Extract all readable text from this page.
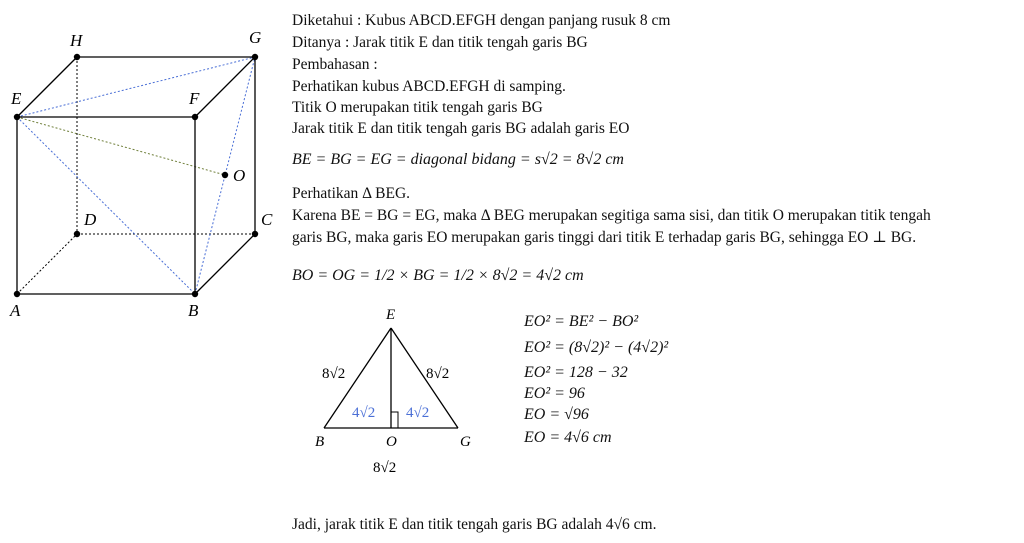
H	G
E	F
O
D	C
A	B
Diketahui : Kubus ABCD.EFGH dengan panjang rusuk 8 cm
Ditanya : Jarak titik E dan titik tengah garis BG
Pembahasan :
Perhatikan kubus ABCD.EFGH di samping.
Titik O merupakan titik tengah garis BG
Jarak titik E dan titik tengah garis BG adalah garis EO
BE = BG = EG = diagonal bidang = s√2 = 8√2 cm
Perhatikan Δ BEG.
Karena BE = BG = EG, maka Δ BEG merupakan segitiga sama sisi, dan titik O merupakan titik tengah
garis BG, maka garis EO merupakan garis tinggi dari titik E terhadap garis BG, sehingga EO ⊥ BG.
BO = OG = 1/2 × BG = 1/2 × 8√2 = 4√2 cm
E
B	O	G
8√2	8√2
4√2 4√2
8√2
EO² = BE² − BO²
EO² = (8√2)² − (4√2)²
EO² = 128 − 32
EO² = 96
EO = √96
EO = 4√6 cm
Jadi, jarak titik E dan titik tengah garis BG adalah 4√6 cm.
